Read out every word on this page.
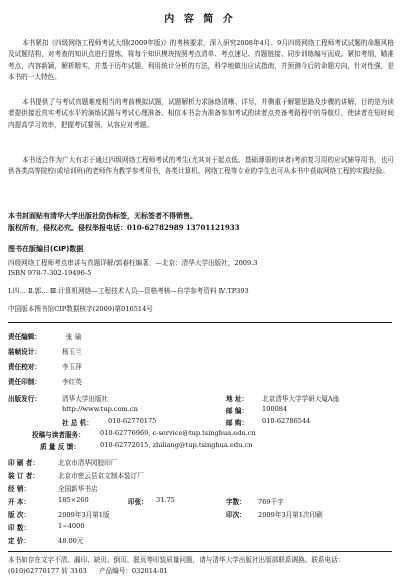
内 容 简 介
本书紧扣《四级网络工程师考试大纲(2009年版)》的考核要求，深入研究2008年4月、9月四级网络工程师考试试题的命题风格及试题结构，对考查的知识点进行提炼，将每个知识模块按照考点清单、考点速记、真题链接、同步训练编写而成。紧扣考纲，瞄准考点，内容新颖，解析精实，并基于历年试题，利用统计分析的方法，科学地做出应试指南，并预测今后的命题方向，针对性强，是本书的一大特色。
本书提供了与考试真题难度相当的考前模拟试题，试题解析力求脉络清晰、详尽，并侧重于解题思路及步骤的讲解，目的是为读者提供接近真实考试水平的演练试题与考试心理准备。相信本书会为准备参加考试的读者点亮备考路程中的导航灯，使读者在短时间内提高学习效率，把握考试要领，从容应对考题。
本书适合作为广大有志于通过四级网络工程师考试的考生(尤其对于起点低、基础薄弱的读者)考前复习用的应试辅导用书，也可供各类高等院校(或培训班)的老师作为教学参考用书，各类计算机、网络工程等专业的学生也可从本书中获取网络工程的实践经验。
本书封面贴有清华大学出版社防伪标签，无标签者不得销售。
版权所有，侵权必究。侵权举报电话：010-62782989 13701121933
图书在版编目(CIP)数据
四级网络工程师考点串讲与真题详解/郭春柱编著．—北京：清华大学出版社，2009.3
ISBN 978-7-302-19496-5
Ⅰ.四… Ⅱ.郭… Ⅲ.计算机网络—工程技术人员—资格考核—自学参考资料 Ⅳ.TP393
中国版本图书馆CIP数据核字(2009)第016514号
责任编辑：	张 瑜
装帧设计：	杨玉兰
责任校对：	李玉萍
责任印制：	李红英
出版发行：	清华大学出版社	地 址： 北京清华大学学研大厦A座
http://www.tup.com.cn	邮 编： 100084
社 总 机： 010-62770175	邮 购： 010-62786544
投稿与读者服务： 010-62776969, c-service@tup.tsinghua.edu.cn
质 量 反 馈：	010-62772015, zhiliang@tup.tsinghua.edu.cn
印 刷 者：	北京市清华园胶印厂
装 订 者：	北京市密云县京文制本装订厂
经 销：	全国新华书店
开 本：	185×260	印张： 31.75	字数： 769千字
版 次：	2009年3月第1版	印次： 2009年3月第1次印刷
印 数：	1~4000
定 价：	48.00元
本书如存在文字不清、漏印、缺页、倒页、脱页等印装质量问题，请与清华大学出版社出版部联系调换。联系电话：(010)62770177 转 3103 产品编号：032014-01
